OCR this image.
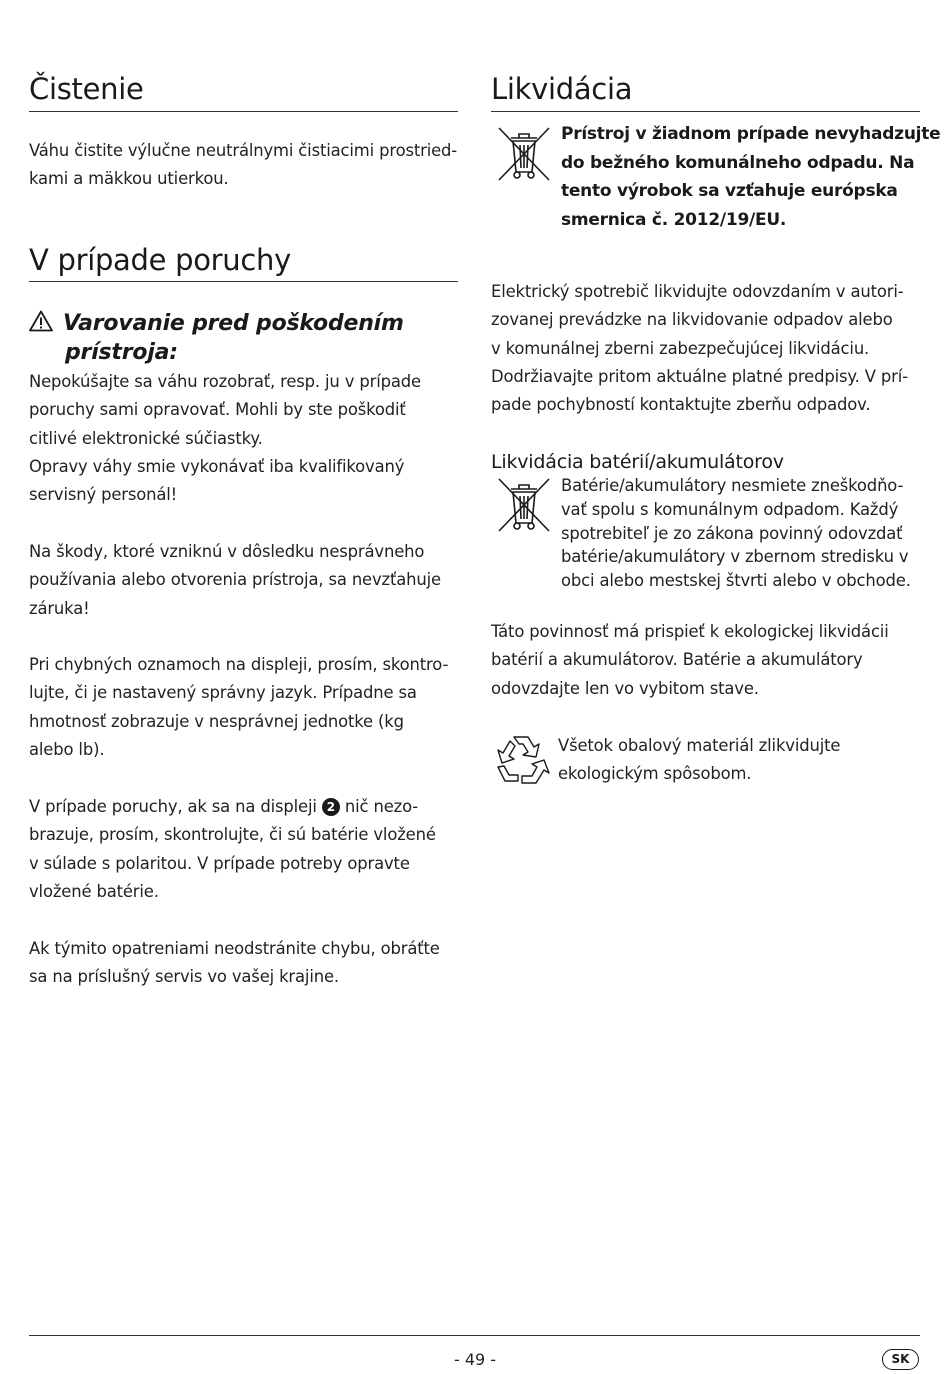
Čistenie
Váhu čistite výlučne neutrálnymi čistiacimi prostried-
kami a mäkkou utierkou.
V prípade poruchy
Varovanie pred poškodením
prístroja:
Nepokúšajte sa váhu rozobrať, resp. ju v prípade
poruchy sami opravovať. Mohli by ste poškodiť
citlivé elektronické súčiastky.
Opravy váhy smie vykonávať iba kvalifikovaný
servisný personál!
Na škody, ktoré vzniknú v dôsledku nesprávneho
používania alebo otvorenia prístroja, sa nevzťahuje
záruka!
Pri chybných oznamoch na displeji, prosím, skontro-
lujte, či je nastavený správny jazyk. Prípadne sa
hmotnosť zobrazuje v nesprávnej jednotke (kg
alebo lb).
V prípade poruchy, ak sa na displeji 2 nič nezo-
brazuje, prosím, skontrolujte, či sú batérie vložené
v súlade s polaritou. V prípade potreby opravte
vložené batérie.
Ak týmito opatreniami neodstránite chybu, obráťte
sa na príslušný servis vo vašej krajine.
Likvidácia
Prístroj v žiadnom prípade nevyhadzujte
do bežného komunálneho odpadu. Na
tento výrobok sa vzťahuje európska
smernica č. 2012/19/EU.
Elektrický spotrebič likvidujte odovzdaním v autori-
zovanej prevádzke na likvidovanie odpadov alebo
v komunálnej zberni zabezpečujúcej likvidáciu.
Dodržiavajte pritom aktuálne platné predpisy. V prí-
pade pochybností kontaktujte zberňu odpadov.
Likvidácia batérií/akumulátorov
Batérie/akumulátory nesmiete zneškodňo-
vať spolu s komunálnym odpadom. Každý
spotrebiteľ je zo zákona povinný odovzdať
batérie/akumulátory v zbernom stredisku v
obci alebo mestskej štvrti alebo v obchode.
Táto povinnosť má prispieť k ekologickej likvidácii
batérií a akumulátorov. Batérie a akumulátory
odovzdajte len vo vybitom stave.
Všetok obalový materiál zlikvidujte
ekologickým spôsobom.
- 49 -	SK
